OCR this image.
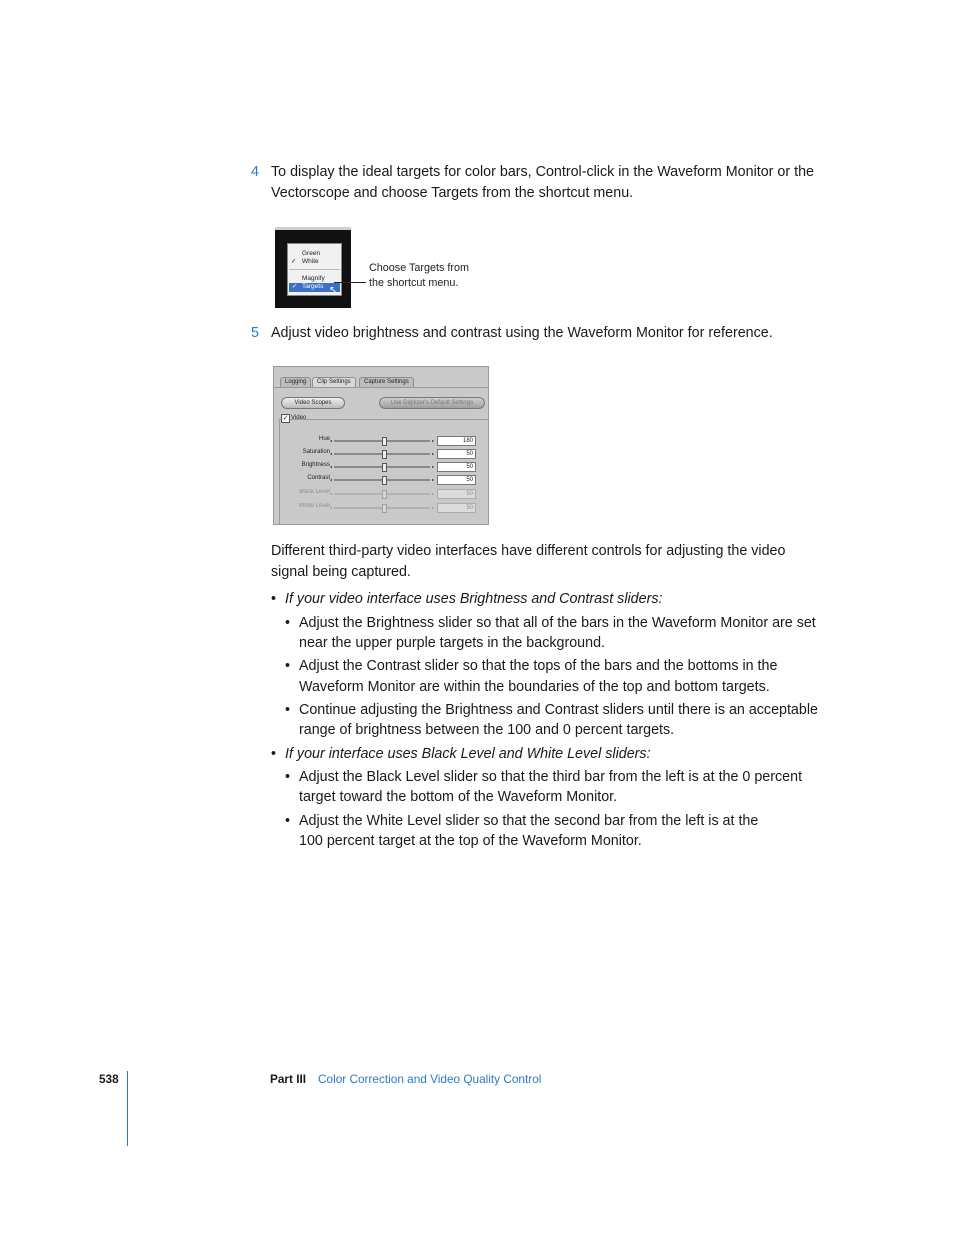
4 To display the ideal targets for color bars, Control-click in the Waveform Monitor or the
Vectorscope and choose Targets from the shortcut menu.
Green
✓ White
Magnify
✓ Targets ↖
Choose Targets from
the shortcut menu.
5 Adjust video brightness and contrast using the Waveform Monitor for reference.
Logging	Clip Settings	Capture Settings
Video Scopes	Use Digitizer's Default Settings
✓ Video
Hue ◂	▸	180
Saturation ◂	▸	50
Brightness ◂	▸	50
Contrast ◂	▸	50
Black Level ◂	▸	50
White Level ◂	▸	50
Different third-party video interfaces have different controls for adjusting the video
signal being captured.
• If your video interface uses Brightness and Contrast sliders:
• Adjust the Brightness slider so that all of the bars in the Waveform Monitor are set
near the upper purple targets in the background.
• Adjust the Contrast slider so that the tops of the bars and the bottoms in the
Waveform Monitor are within the boundaries of the top and bottom targets.
• Continue adjusting the Brightness and Contrast sliders until there is an acceptable
range of brightness between the 100 and 0 percent targets.
• If your interface uses Black Level and White Level sliders:
• Adjust the Black Level slider so that the third bar from the left is at the 0 percent
target toward the bottom of the Waveform Monitor.
• Adjust the White Level slider so that the second bar from the left is at the
100 percent target at the top of the Waveform Monitor.
538	Part III Color Correction and Video Quality Control
